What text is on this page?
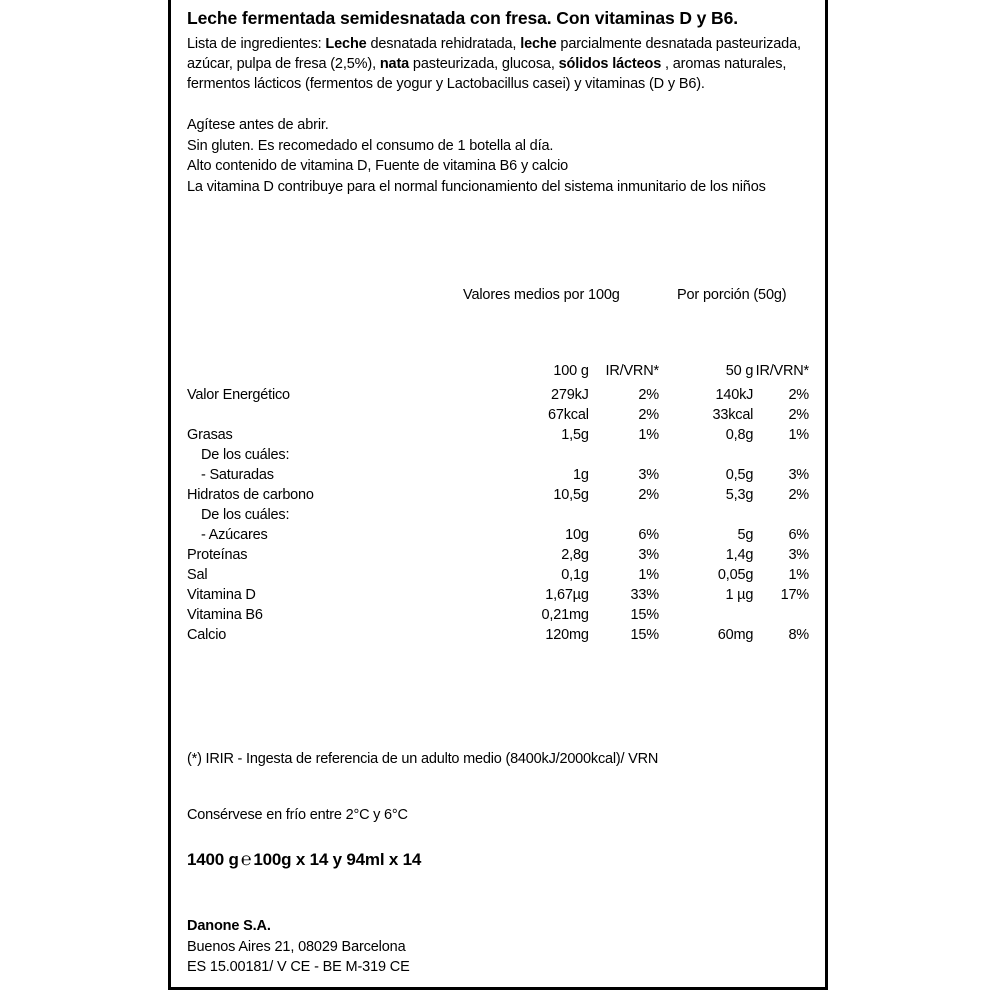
Leche fermentada semidesnatada con fresa. Con vitaminas D y B6.

Lista de ingredientes: Leche desnatada rehidratada, leche parcialmente desnatada pasteurizada, azúcar, pulpa de fresa (2,5%), nata pasteurizada, glucosa, sólidos lácteos , aromas naturales, fermentos lácticos (fermentos de yogur y Lactobacillus casei) y vitaminas (D y B6).

Agítese antes de abrir.
Sin gluten. Es recomedado el consumo de 1 botella al día.
Alto contenido de vitamina D, Fuente de vitamina B6 y calcio
La vitamina D contribuye para el normal funcionamiento del sistema inmunitario de los niños
Valores medios por 100g	Por porción (50g)
	100 g	IR/VRN*	50 g	IR/VRN*
Valor Energético	279kJ	2%	140kJ	2%
	67kcal	2%	33kcal	2%
Grasas	1,5g	1%	0,8g	1%
De los cuáles:				
- Saturadas	1g	3%	0,5g	3%
Hidratos de carbono	10,5g	2%	5,3g	2%
De los cuáles:				
- Azúcares	10g	6%	5g	6%
Proteínas	2,8g	3%	1,4g	3%
Sal	0,1g	1%	0,05g	1%
Vitamina D	1,67µg	33%	1 µg	17%
Vitamina B6	0,21mg	15%		
Calcio	120mg	15%	60mg	8%
(*) IRIR - Ingesta de referencia de un adulto medio (8400kJ/2000kcal)/ VRN
Consérvese en frío entre 2°C y 6°C
1400 g ℮ 100g x 14 y 94ml x 14
Danone S.A.
Buenos Aires 21, 08029 Barcelona
ES 15.00181/ V CE - BE M-319 CE
